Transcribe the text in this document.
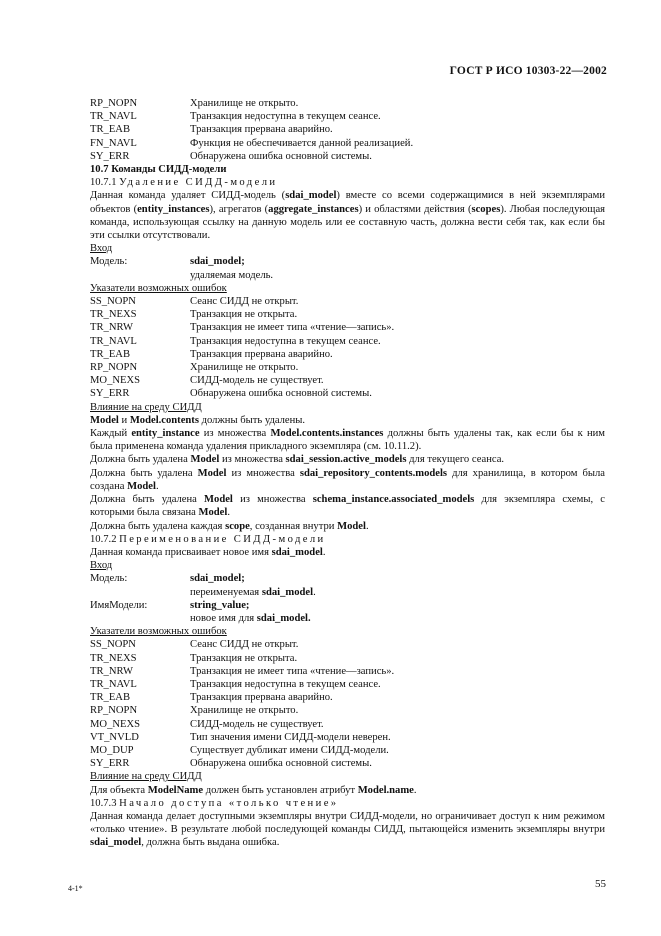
ГОСТ Р ИСО 10303-22—2002
RP_NOPN	Хранилище не открыто.
TR_NAVL	Транзакция недоступна в текущем сеансе.
TR_EAB	Транзакция прервана аварийно.
FN_NAVL	Функция не обеспечивается данной реализацией.
SY_ERR	Обнаружена ошибка основной системы.
10.7 Команды СИДД-модели
10.7.1 Удаление СИДД-модели

Данная команда удаляет СИДД-модель (sdai_model) вместе со всеми содержащимися в ней экземплярами объектов (entity_instances), агрегатов (aggregate_instances) и областями действия (scopes). Любая последующая команда, использующая ссылку на данную модель или ее составную часть, должна вести себя так, как если бы эти ссылки отсутствовали.

Вход
Модель:	sdai_model;
удаляемая модель.
Указатели возможных ошибок
SS_NOPN	Сеанс СИДД не открыт.
TR_NEXS	Транзакция не открыта.
TR_NRW	Транзакция не имеет типа «чтение—запись».
TR_NAVL	Транзакция недоступна в текущем сеансе.
TR_EAB	Транзакция прервана аварийно.
RP_NOPN	Хранилище не открыто.
MO_NEXS	СИДД-модель не существует.
SY_ERR	Обнаружена ошибка основной системы.
Влияние на среду СИДД

Model и Model.contents должны быть удалены.

Каждый entity_instance из множества Model.contents.instances должны быть удалены так, как если бы к ним была применена команда удаления прикладного экземпляра (см. 10.11.2).

Должна быть удалена Model из множества sdai_session.active_models для текущего сеанса.

Должна быть удалена Model из множества sdai_repository_contents.models для хранилища, в котором была создана Model.

Должна быть удалена Model из множества schema_instance.associated_models для экземпляра схемы, с которыми была связана Model.

Должна быть удалена каждая scope, созданная внутри Model.

10.7.2 Переименование СИДД-модели

Данная команда присваивает новое имя sdai_model.

Вход
Модель:	sdai_model;
переименуемая sdai_model.
ИмяМодели:	string_value;
новое имя для sdai_model.
Указатели возможных ошибок
SS_NOPN	Сеанс СИДД не открыт.
TR_NEXS	Транзакция не открыта.
TR_NRW	Транзакция не имеет типа «чтение—запись».
TR_NAVL	Транзакция недоступна в текущем сеансе.
TR_EAB	Транзакция прервана аварийно.
RP_NOPN	Хранилище не открыто.
MO_NEXS	СИДД-модель не существует.
VT_NVLD	Тип значения имени СИДД-модели неверен.
MO_DUP	Существует дубликат имени СИДД-модели.
SY_ERR	Обнаружена ошибка основной системы.
Влияние на среду СИДД

Для объекта ModelName должен быть установлен атрибут Model.name.

10.7.3 Начало доступа «только чтение»

Данная команда делает доступными экземпляры внутри СИДД-модели, но ограничивает доступ к ним режимом «только чтение». В результате любой последующей команды СИДД, пытающейся изменить экземпляры внутри sdai_model, должна быть выдана ошибка.

4-1*	55
